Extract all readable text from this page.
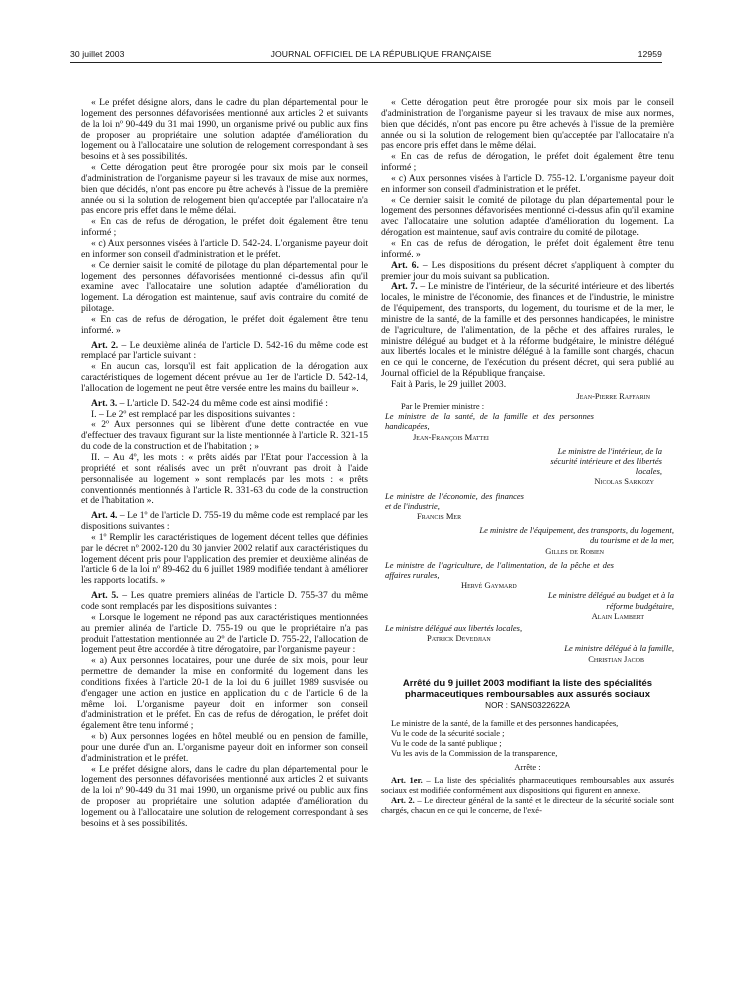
30 juillet 2003	JOURNAL OFFICIEL DE LA RÉPUBLIQUE FRANÇAISE	12959

« Le préfet désigne alors, dans le cadre du plan départemental pour le logement des personnes défavorisées mentionné aux articles 2 et suivants de la loi nº 90-449 du 31 mai 1990, un organisme privé ou public aux fins de proposer au propriétaire une solution adaptée d'amélioration du logement ou à l'allocataire une solution de relogement correspondant à ses besoins et à ses possibilités.

« Cette dérogation peut être prorogée pour six mois par le conseil d'administration de l'organisme payeur si les travaux de mise aux normes, bien que décidés, n'ont pas encore pu être achevés à l'issue de la première année ou si la solution de relogement bien qu'acceptée par l'allocataire n'a pas encore pris effet dans le même délai.

« En cas de refus de dérogation, le préfet doit également être tenu informé ;

« c) Aux personnes visées à l'article D. 542-24. L'organisme payeur doit en informer son conseil d'administration et le préfet.

« Ce dernier saisit le comité de pilotage du plan départemental pour le logement des personnes défavorisées mentionné ci-dessus afin qu'il examine avec l'allocataire une solution adaptée d'amélioration du logement. La dérogation est maintenue, sauf avis contraire du comité de pilotage.

« En cas de refus de dérogation, le préfet doit également être tenu informé. »

Art. 2. – Le deuxième alinéa de l'article D. 542-16 du même code est remplacé par l'article suivant :

« En aucun cas, lorsqu'il est fait application de la dérogation aux caractéristiques de logement décent prévue au 1er de l'article D. 542-14, l'allocation de logement ne peut être versée entre les mains du bailleur ».

Art. 3. – L'article D. 542-24 du même code est ainsi modifié :

I. – Le 2º est remplacé par les dispositions suivantes :

« 2º Aux personnes qui se libèrent d'une dette contractée en vue d'effectuer des travaux figurant sur la liste mentionnée à l'article R. 321-15 du code de la construction et de l'habitation ; »

II. – Au 4º, les mots : « prêts aidés par l'Etat pour l'accession à la propriété et sont réalisés avec un prêt n'ouvrant pas droit à l'aide personnalisée au logement » sont remplacés par les mots : « prêts conventionnés mentionnés à l'article R. 331-63 du code de la construction et de l'habitation ».

Art. 4. – Le 1º de l'article D. 755-19 du même code est remplacé par les dispositions suivantes :

« 1º Remplir les caractéristiques de logement décent telles que définies par le décret nº 2002-120 du 30 janvier 2002 relatif aux caractéristiques du logement décent pris pour l'application des premier et deuxième alinéas de l'article 6 de la loi nº 89-462 du 6 juillet 1989 modifiée tendant à améliorer les rapports locatifs. »

Art. 5. – Les quatre premiers alinéas de l'article D. 755-37 du même code sont remplacés par les dispositions suivantes :

« Lorsque le logement ne répond pas aux caractéristiques mentionnées au premier alinéa de l'article D. 755-19 ou que le propriétaire n'a pas produit l'attestation mentionnée au 2º de l'article D. 755-22, l'allocation de logement peut être accordée à titre dérogatoire, par l'organisme payeur :

« a) Aux personnes locataires, pour une durée de six mois, pour leur permettre de demander la mise en conformité du logement dans les conditions fixées à l'article 20-1 de la loi du 6 juillet 1989 susvisée ou d'engager une action en justice en application du c de l'article 6 de la même loi. L'organisme payeur doit en informer son conseil d'administration et le préfet. En cas de refus de dérogation, le préfet doit également être tenu informé ;

« b) Aux personnes logées en hôtel meublé ou en pension de famille, pour une durée d'un an. L'organisme payeur doit en informer son conseil d'administration et le préfet.

« Le préfet désigne alors, dans le cadre du plan départemental pour le logement des personnes défavorisées mentionné aux articles 2 et suivants de la loi nº 90-449 du 31 mai 1990, un organisme privé ou public aux fins de proposer au propriétaire une solution adaptée d'amélioration du logement ou à l'allocataire une solution de relogement correspondant à ses besoins et à ses possibilités.

« Cette dérogation peut être prorogée pour six mois par le conseil d'administration de l'organisme payeur si les travaux de mise aux normes, bien que décidés, n'ont pas encore pu être achevés à l'issue de la première année ou si la solution de relogement bien qu'acceptée par l'allocataire n'a pas encore pris effet dans le même délai.

« En cas de refus de dérogation, le préfet doit également être tenu informé ;

« c) Aux personnes visées à l'article D. 755-12. L'organisme payeur doit en informer son conseil d'administration et le préfet.

« Ce dernier saisit le comité de pilotage du plan départemental pour le logement des personnes défavorisées mentionné ci-dessus afin qu'il examine avec l'allocataire une solution adaptée d'amélioration du logement. La dérogation est maintenue, sauf avis contraire du comité de pilotage.

« En cas de refus de dérogation, le préfet doit également être tenu informé. »

Art. 6. – Les dispositions du présent décret s'appliquent à compter du premier jour du mois suivant sa publication.

Art. 7. – Le ministre de l'intérieur, de la sécurité intérieure et des libertés locales, le ministre de l'économie, des finances et de l'industrie, le ministre de l'équipement, des transports, du logement, du tourisme et de la mer, le ministre de la santé, de la famille et des personnes handicapées, le ministre de l'agriculture, de l'alimentation, de la pêche et des affaires rurales, le ministre délégué au budget et à la réforme budgétaire, le ministre délégué aux libertés locales et le ministre délégué à la famille sont chargés, chacun en ce qui le concerne, de l'exécution du présent décret, qui sera publié au Journal officiel de la République française.

Fait à Paris, le 29 juillet 2003.

Jean-Pierre Raffarin

Par le Premier ministre :

Le ministre de la santé, de la famille et des personnes handicapées,

Jean-François Mattei

Le ministre de l'intérieur, de la sécurité intérieure et des libertés locales,

Nicolas Sarkozy

Le ministre de l'économie, des finances et de l'industrie,

Francis Mer

Le ministre de l'équipement, des transports, du logement, du tourisme et de la mer,

Gilles de Robien

Le ministre de l'agriculture, de l'alimentation, de la pêche et des affaires rurales,

Hervé Gaymard

Le ministre délégué au budget et à la réforme budgétaire,

Alain Lambert

Le ministre délégué aux libertés locales,

Patrick Devedjian

Le ministre délégué à la famille,

Christian Jacob

Arrêté du 9 juillet 2003 modifiant la liste des spécialités pharmaceutiques remboursables aux assurés sociaux
NOR : SANS0322622A

Le ministre de la santé, de la famille et des personnes handicapées,

Vu le code de la sécurité sociale ;

Vu le code de la santé publique ;

Vu les avis de la Commission de la transparence,

Arrête :

Art. 1er. – La liste des spécialités pharmaceutiques remboursables aux assurés sociaux est modifiée conformément aux dispositions qui figurent en annexe.

Art. 2. – Le directeur général de la santé et le directeur de la sécurité sociale sont chargés, chacun en ce qui le concerne, de l'exé-
